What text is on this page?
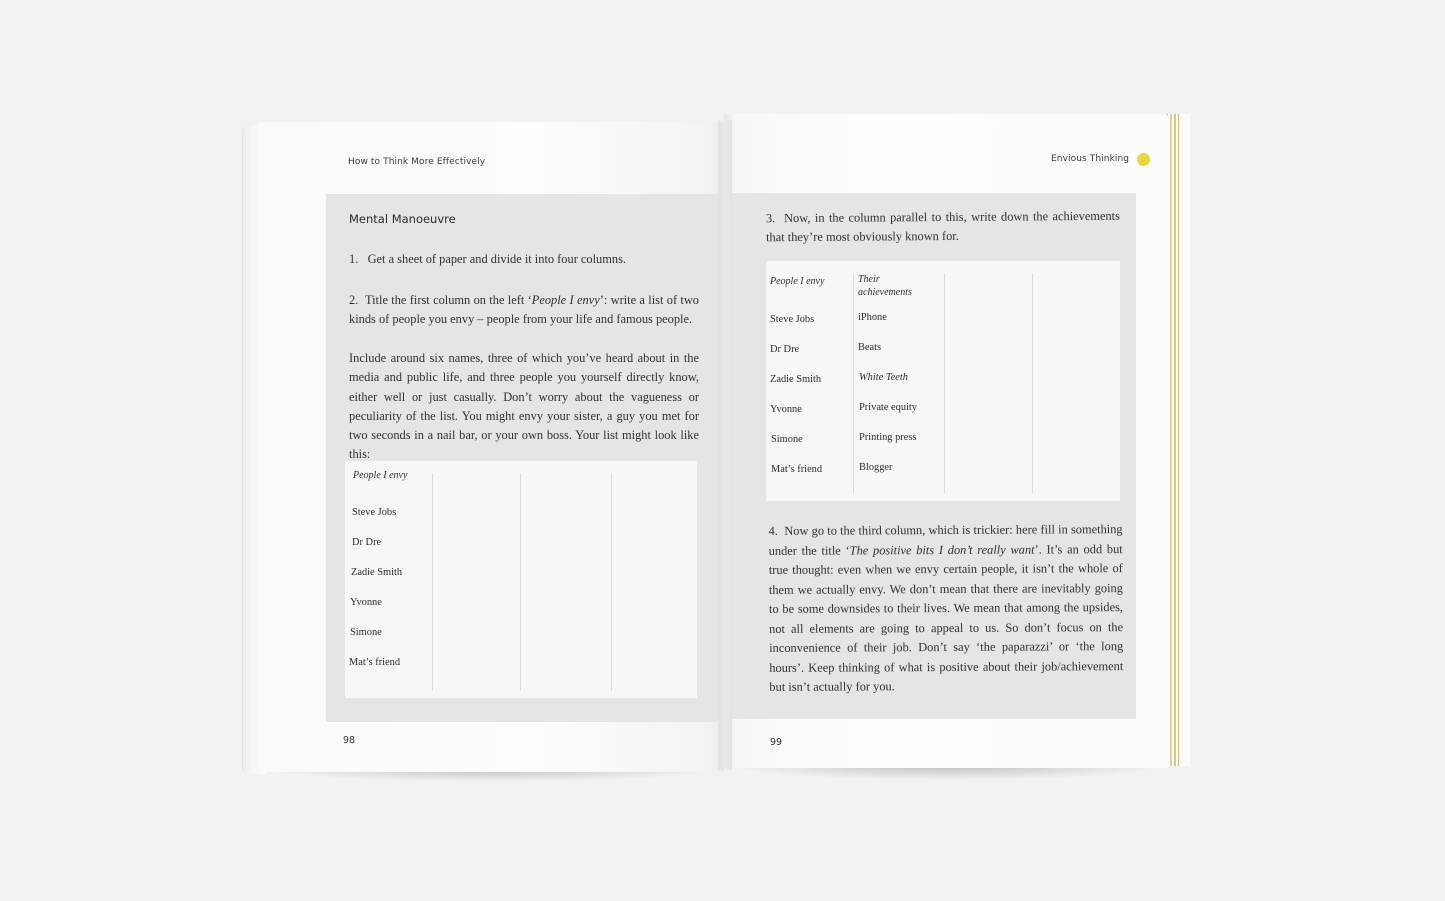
How to Think More Effectively
Mental Manoeuvre
1. Get a sheet of paper and divide it into four columns.
2. Title the first column on the left ‘People I envy’: write a list of two kinds of people you envy – people from your life and famous people.
Include around six names, three of which you’ve heard about in the media and public life, and three people you yourself directly know, either well or just casually. Don’t worry about the vagueness or peculiarity of the list. You might envy your sister, a guy you met for two seconds in a nail bar, or your own boss. Your list might look like this:
People I envy
Steve Jobs
Dr Dre
Zadie Smith
Yvonne
Simone
Mat’s friend
98
Envious Thinking
3. Now, in the column parallel to this, write down the achievements that they’re most obviously known for.
People I envy	Their achievements
Steve Jobs	iPhone
Dr Dre	Beats
Zadie Smith	White Teeth
Yvonne	Private equity
Simone	Printing press
Mat’s friend	Blogger
4. Now go to the third column, which is trickier: here fill in something under the title ‘The positive bits I don’t really want’. It’s an odd but true thought: even when we envy certain people, it isn’t the whole of them we actually envy. We don’t mean that there are inevitably going to be some downsides to their lives. We mean that among the upsides, not all elements are going to appeal to us. So don’t focus on the inconvenience of their job. Don’t say ‘the paparazzi’ or ‘the long hours’. Keep thinking of what is positive about their job/achievement but isn’t actually for you.
99
